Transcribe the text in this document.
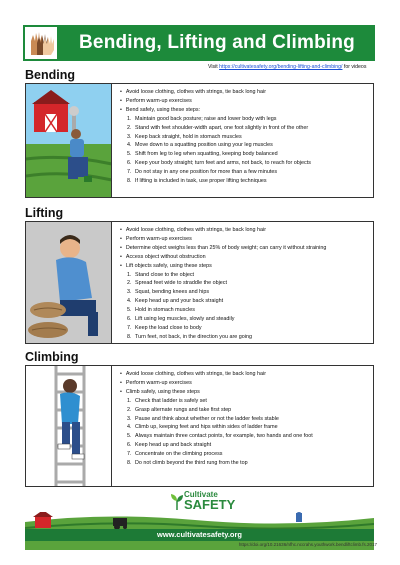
Bending, Lifting and Climbing
Visit https://cultivatesafety.org/bending-lifting-and-climbing/ for videos
Bending
• Avoid loose clothing, clothes with strings, tie back long hair
• Perform warm-up exercises
• Bend safely, using these steps:
1. Maintain good back posture; raise and lower body with legs
2. Stand with feet shoulder-width apart, one foot slightly in front of the other
3. Keep back straight, hold in stomach muscles
4. Move down to a squatting position using your leg muscles
5. Shift from leg to leg when squatting, keeping body balanced
6. Keep your body straight; turn feet and arms, not back, to reach for objects
7. Do not stay in any one position for more than a few minutes
8. If lifting is included in task, use proper lifting techniques
Lifting
• Avoid loose clothing, clothes with strings, tie back long hair
• Perform warm-up exercises
• Determine object weighs less than 25% of body weight; can carry it without straining
• Access object without obstruction
• Lift objects safely, using these steps
1. Stand close to the object
2. Spread feet wide to straddle the object
3. Squat, bending knees and hips
4. Keep head up and your back straight
5. Hold in stomach muscles
6. Lift using leg muscles, slowly and steadily
7. Keep the load close to body
8. Turn feet, not back, in the direction you are going
Climbing
• Avoid loose clothing, clothes with strings, tie back long hair
• Perform warm-up exercises
• Climb safely, using these steps
1. Check that ladder is safely set
2. Grasp alternate rungs and take first step
3. Pause and think about whether or not the ladder feels stable
4. Climb up, keeping feet and hips within sides of ladder frame
5. Always maintain three contact points, for example, two hands and one foot
6. Keep head up and back straight
7. Concentrate on the climbing process
8. Do not climb beyond the third rung from the top
Cultivate
SAFETY
www.cultivatesafety.org
https://doi.org/10.21636/nfhc.nccrahs.youthwork.bendliftclimb.fs.2017
